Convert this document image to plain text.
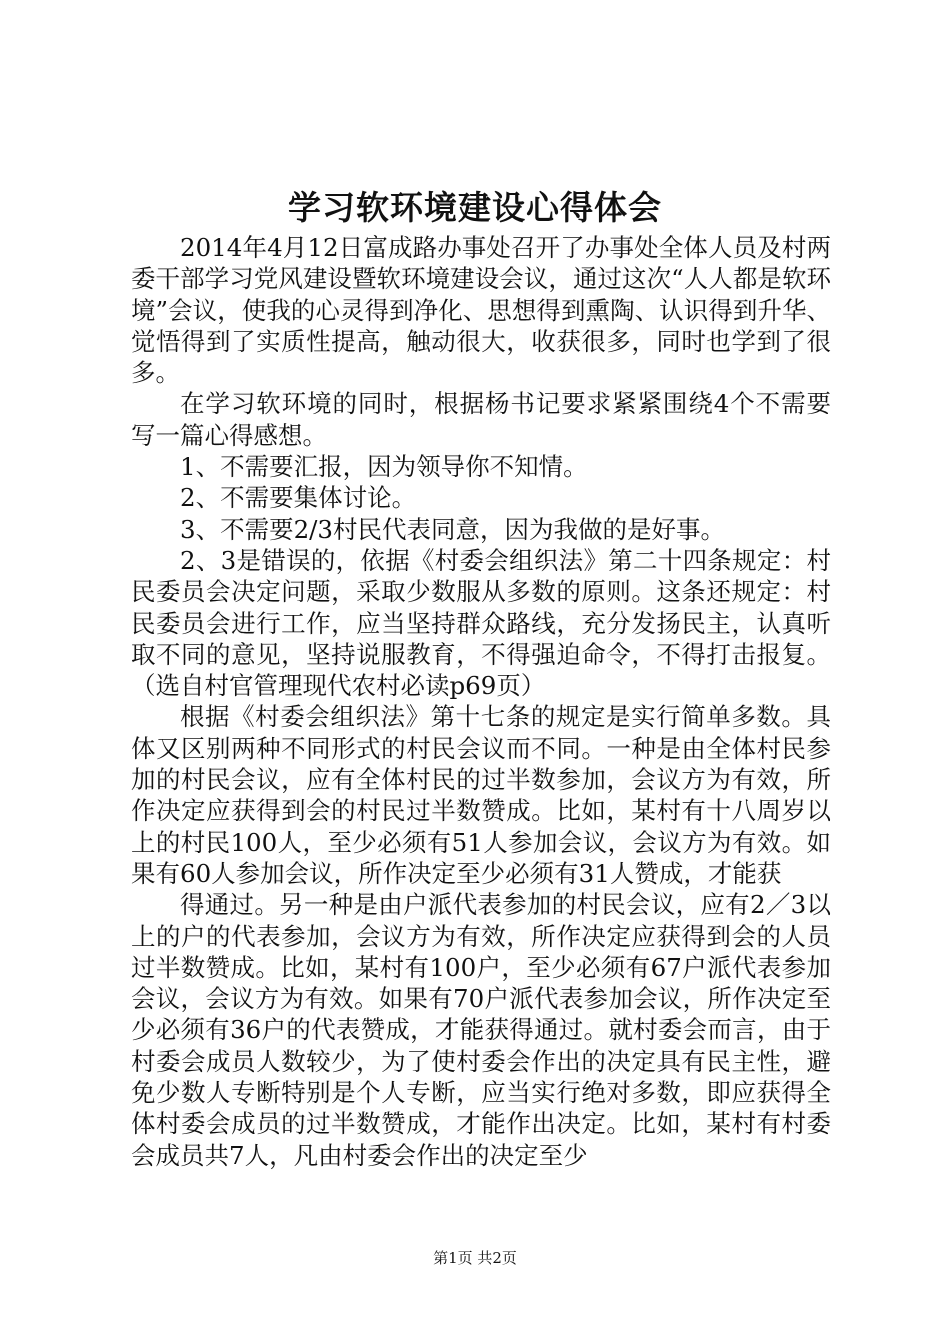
学习软环境建设心得体会

2014年4月12日富成路办事处召开了办事处全体人员及村两委干部学习党风建设暨软环境建设会议，通过这次“人人都是软环境”会议，使我的心灵得到净化、思想得到熏陶、认识得到升华、觉悟得到了实质性提高，触动很大，收获很多，同时也学到了很多。

在学习软环境的同时，根据杨书记要求紧紧围绕4个不需要写一篇心得感想。

1、不需要汇报，因为领导你不知情。

2、不需要集体讨论。

3、不需要2/3村民代表同意，因为我做的是好事。

2、3是错误的，依据《村委会组织法》第二十四条规定：村民委员会决定问题，采取少数服从多数的原则。这条还规定：村民委员会进行工作，应当坚持群众路线，充分发扬民主，认真听取不同的意见，坚持说服教育，不得强迫命令，不得打击报复。（选自村官管理现代农村必读p69页）

根据《村委会组织法》第十七条的规定是实行简单多数。具体又区别两种不同形式的村民会议而不同。一种是由全体村民参加的村民会议，应有全体村民的过半数参加，会议方为有效，所作决定应获得到会的村民过半数赞成。比如，某村有十八周岁以上的村民100人，至少必须有51人参加会议，会议方为有效。如果有60人参加会议，所作决定至少必须有31人赞成，才能获

得通过。另一种是由户派代表参加的村民会议，应有2／3以上的户的代表参加，会议方为有效，所作决定应获得到会的人员过半数赞成。比如，某村有100户，至少必须有67户派代表参加会议，会议方为有效。如果有70户派代表参加会议，所作决定至少必须有36户的代表赞成，才能获得通过。就村委会而言，由于村委会成员人数较少，为了使村委会作出的决定具有民主性，避免少数人专断特别是个人专断，应当实行绝对多数，即应获得全体村委会成员的过半数赞成，才能作出决定。比如，某村有村委会成员共7人，凡由村委会作出的决定至少

第1页 共2页
